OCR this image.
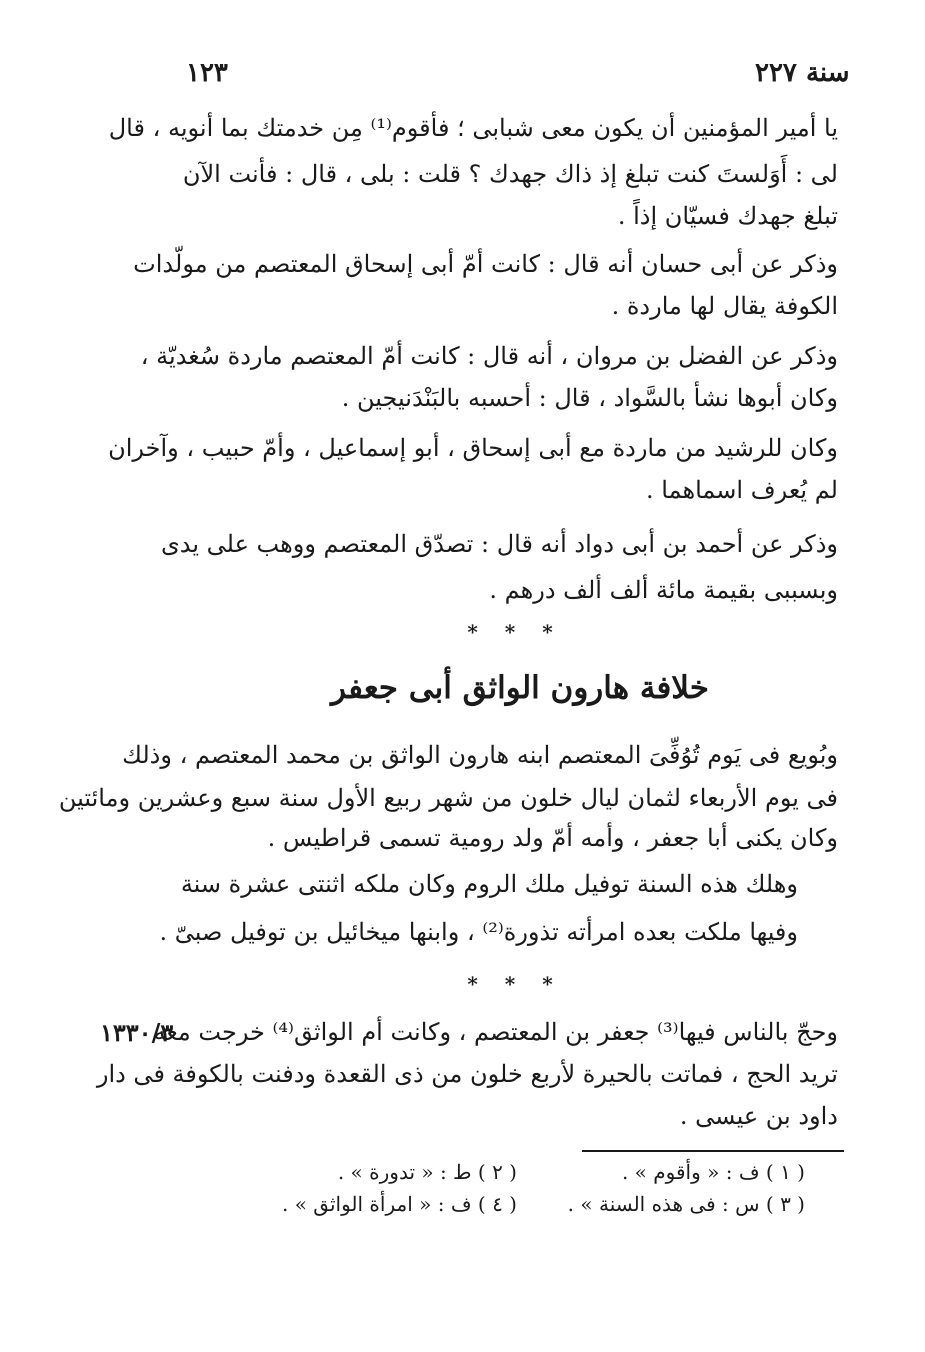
١٢٣	سنة ٢٢٧
يا أمير المؤمنين أن يكون معى شبابى ؛ فأقوم⁽¹⁾ مِن خدمتك بما أنويه ، قال
لى : أَوَلستَ كنت تبلغ إذ ذاك جهدك ؟ قلت : بلى ، قال : فأنت الآن
تبلغ جهدك فسيّان إذاً .
وذكر عن أبى حسان أنه قال : كانت أمّ أبى إسحاق المعتصم من مولّدات
الكوفة يقال لها ماردة .
وذكر عن الفضل بن مروان ، أنه قال : كانت أمّ المعتصم ماردة سُغديّة ،
وكان أبوها نشأ بالسَّواد ، قال : أحسبه بالبَنْدَنيجين .
وكان للرشيد من ماردة مع أبى إسحاق ، أبو إسماعيل ، وأمّ حبيب ، وآخران
لم يُعرف اسماهما .
وذكر عن أحمد بن أبى دواد أنه قال : تصدّق المعتصم ووهب على يدى
وبسببى بقيمة مائة ألف ألف درهم .
* * *
خلافة هارون الواثق أبى جعفر
وبُويع فى يَوم تُوُفِّىَ المعتصم ابنه هارون الواثق بن محمد المعتصم ، وذلك
فى يوم الأربعاء لثمان ليال خلون من شهر ربيع الأول سنة سبع وعشرين ومائتين
وكان يكنى أبا جعفر ، وأمه أمّ ولد رومية تسمى قراطيس .
وهلك هذه السنة توفيل ملك الروم وكان ملكه اثنتى عشرة سنة
وفيها ملكت بعده امرأته تذورة⁽²⁾ ، وابنها ميخائيل بن توفيل صبىّ .
* * *
١٣٣٠/٣
وحجّ بالناس فيها⁽³⁾ جعفر بن المعتصم ، وكانت أم الواثق⁽⁴⁾ خرجت معه
تريد الحج ، فماتت بالحيرة لأربع خلون من ذى القعدة ودفنت بالكوفة فى دار
داود بن عيسى .
( ١ ) ف : « وأقوم » .
( ٢ ) ط : « تدورة » .
( ٣ ) س : فى هذه السنة » .
( ٤ ) ف : « امرأة الواثق » .
